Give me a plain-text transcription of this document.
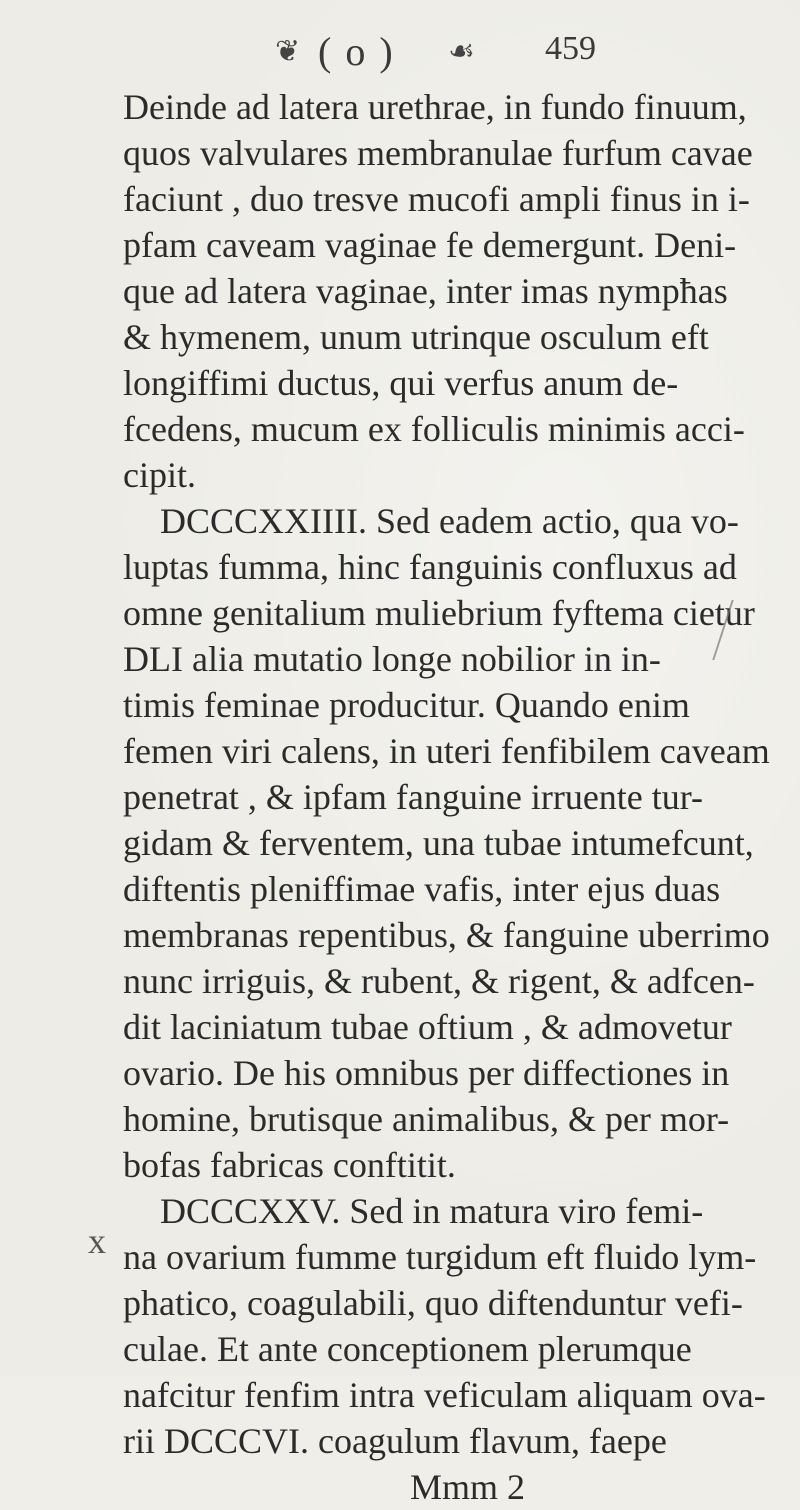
❦ ( o ) ☙ 459
Deinde ad latera urethrae, in fundo finuum,
quos valvulares membranulae furfum cavae
faciunt , duo tresve mucofi ampli finus in i-
pfam caveam vaginae fe demergunt. Deni-
que ad latera vaginae, inter imas nympħas
& hymenem, unum utrinque osculum eft
longiffimi ductus, qui verfus anum de-
fcedens, mucum ex folliculis minimis acci-
cipit.
DCCCXXIIII. Sed eadem actio, qua vo-
luptas fumma, hinc fanguinis confluxus ad
omne genitalium muliebrium fyftema cietur
DLI alia mutatio longe nobilior in in-
timis feminae producitur. Quando enim
femen viri calens, in uteri fenfibilem caveam
penetrat , & ipfam fanguine irruente tur-
gidam & ferventem, una tubae intumefcunt,
diftentis pleniffimae vafis, inter ejus duas
membranas repentibus, & fanguine uberrimo
nunc irriguis, & rubent, & rigent, & adfcen-
dit laciniatum tubae oftium , & admovetur
ovario. De his omnibus per diffectiones in
homine, brutisque animalibus, & per mor-
bofas fabricas conftitit.
DCCCXXV. Sed in matura viro femi-
na ovarium fumme turgidum eft fluido lym-
phatico, coagulabili, quo diftenduntur vefi-
culae. Et ante conceptionem plerumque
nafcitur fenfim intra veficulam aliquam ova-
rii DCCCVI. coagulum flavum, faepe
Mmm 2
x
